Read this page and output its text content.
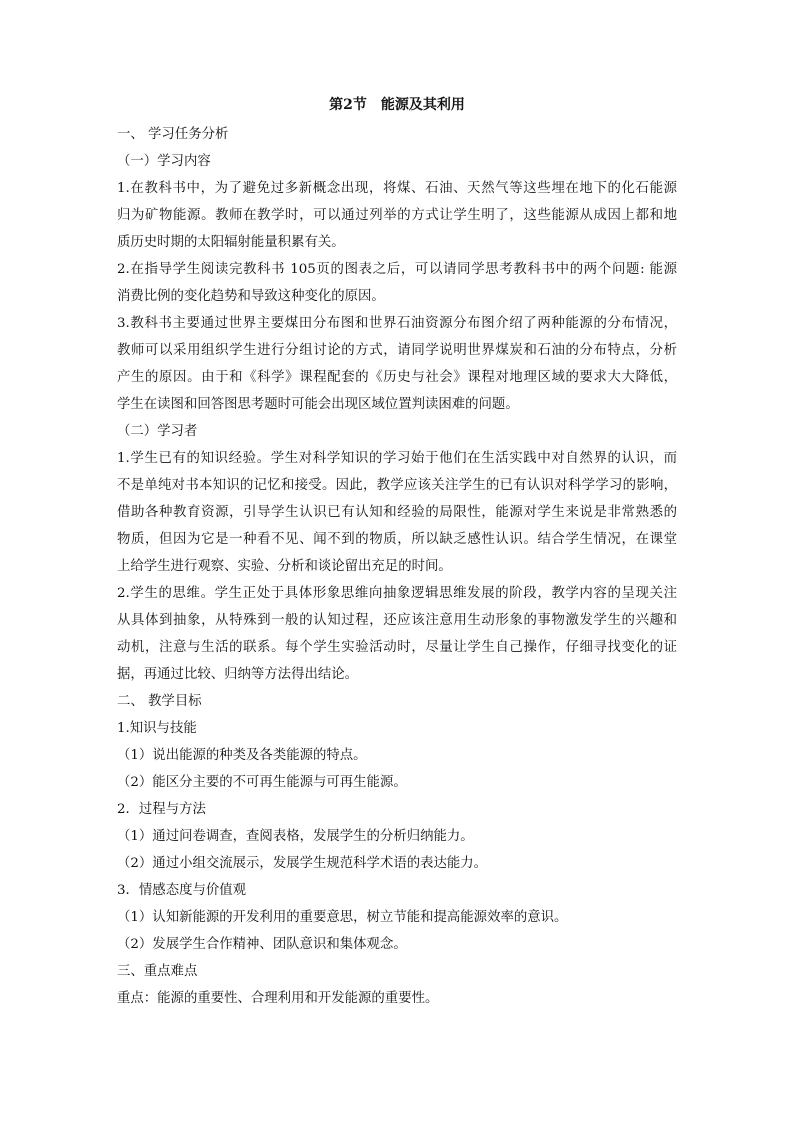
第2节　能源及其利用

一、 学习任务分析

（一）学习内容

1.在教科书中，为了避免过多新概念出现，将煤、石油、天然气等这些埋在地下的化石能源
归为矿物能源。教师在教学时，可以通过列举的方式让学生明了，这些能源从成因上都和地
质历史时期的太阳辐射能量积累有关。
2.在指导学生阅读完教科书 105页的图表之后，可以请同学思考教科书中的两个问题: 能源
消费比例的变化趋势和导致这种变化的原因。
3.教科书主要通过世界主要煤田分布图和世界石油资源分布图介绍了两种能源的分布情况，
教师可以采用组织学生进行分组讨论的方式，请同学说明世界煤炭和石油的分布特点，分析
产生的原因。由于和《科学》课程配套的《历史与社会》课程对地理区域的要求大大降低，
学生在读图和回答图思考题时可能会出现区域位置判读困难的问题。

（二）学习者

1.学生已有的知识经验。学生对科学知识的学习始于他们在生活实践中对自然界的认识，而
不是单纯对书本知识的记忆和接受。因此，教学应该关注学生的已有认识对科学学习的影响，
借助各种教育资源，引导学生认识已有认知和经验的局限性，能源对学生来说是非常熟悉的
物质，但因为它是一种看不见、闻不到的物质，所以缺乏感性认识。结合学生情况，在课堂
上给学生进行观察、实验、分析和谈论留出充足的时间。
2.学生的思维。学生正处于具体形象思维向抽象逻辑思维发展的阶段，教学内容的呈现关注
从具体到抽象，从特殊到一般的认知过程，还应该注意用生动形象的事物激发学生的兴趣和
动机，注意与生活的联系。每个学生实验活动时，尽量让学生自己操作，仔细寻找变化的证
据，再通过比较、归纳等方法得出结论。

二、 教学目标

1.知识与技能

（1）说出能源的种类及各类能源的特点。

（2）能区分主要的不可再生能源与可再生能源。

2．过程与方法

（1）通过问卷调查，查阅表格，发展学生的分析归纳能力。

（2）通过小组交流展示，发展学生规范科学术语的表达能力。

3．情感态度与价值观

（1）认知新能源的开发利用的重要意思，树立节能和提高能源效率的意识。

（2）发展学生合作精神、团队意识和集体观念。

三、重点难点

重点：能源的重要性、合理利用和开发能源的重要性。
